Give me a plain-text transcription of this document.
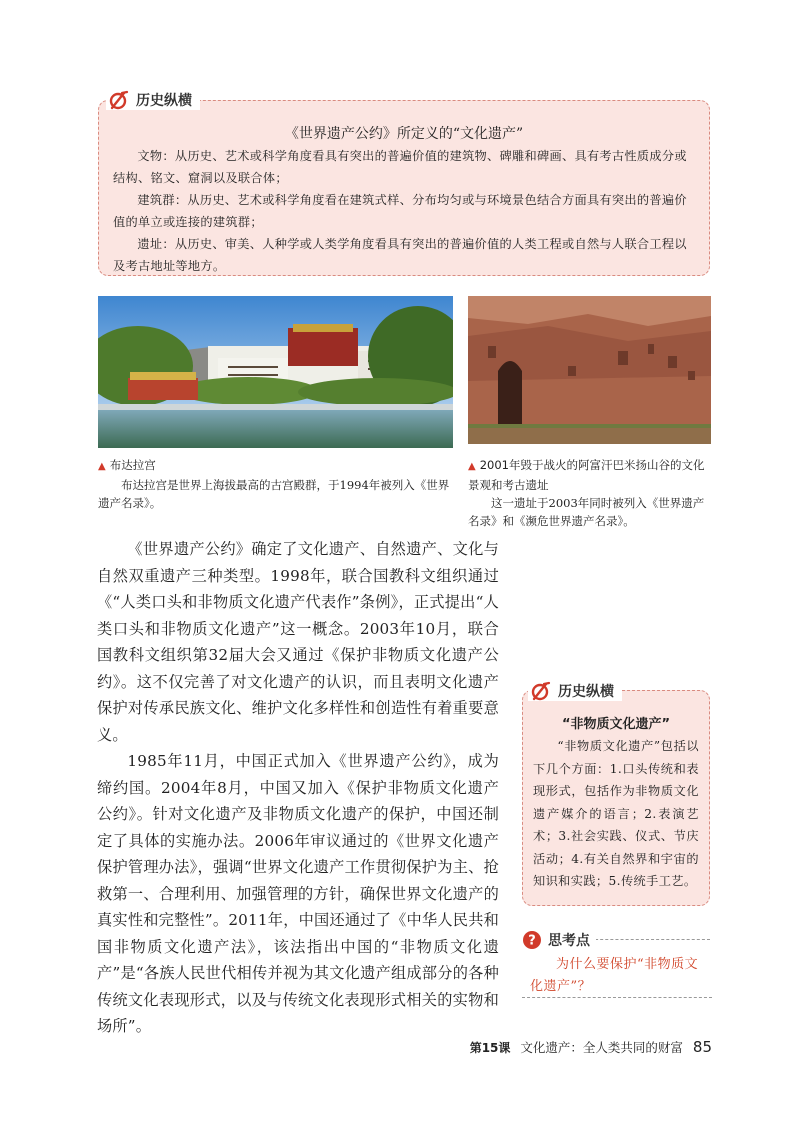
《世界遗产公约》所定义的“文化遗产”

文物：从历史、艺术或科学角度看具有突出的普遍价值的建筑物、碑雕和碑画、具有考古性质成分或结构、铭文、窟洞以及联合体；

建筑群：从历史、艺术或科学角度看在建筑式样、分布均匀或与环境景色结合方面具有突出的普遍价值的单立或连接的建筑群；

遗址：从历史、审美、人种学或人类学角度看具有突出的普遍价值的人类工程或自然与人联合工程以及考古地址等地方。

历史纵横
▲ 布达拉宫
布达拉宫是世界上海拔最高的古宫殿群，于1994年被列入《世界遗产名录》。
▲ 2001年毁于战火的阿富汗巴米扬山谷的文化景观和考古遗址
这一遗址于2003年同时被列入《世界遗产名录》和《濒危世界遗产名录》。

《世界遗产公约》确定了文化遗产、自然遗产、文化与自然双重遗产三种类型。1998年，联合国教科文组织通过《“人类口头和非物质文化遗产代表作”条例》，正式提出“人类口头和非物质文化遗产”这一概念。2003年10月，联合国教科文组织第32届大会又通过《保护非物质文化遗产公约》。这不仅完善了对文化遗产的认识，而且表明文化遗产保护对传承民族文化、维护文化多样性和创造性有着重要意义。

1985年11月，中国正式加入《世界遗产公约》，成为缔约国。2004年8月，中国又加入《保护非物质文化遗产公约》。针对文化遗产及非物质文化遗产的保护，中国还制定了具体的实施办法。2006年审议通过的《世界文化遗产保护管理办法》，强调“世界文化遗产工作贯彻保护为主、抢救第一、合理利用、加强管理的方针，确保世界文化遗产的真实性和完整性”。2011年，中国还通过了《中华人民共和国非物质文化遗产法》，该法指出中国的“非物质文化遗产”是“各族人民世代相传并视为其文化遗产组成部分的各种传统文化表现形式，以及与传统文化表现形式相关的实物和场所”。

“非物质文化遗产”
“非物质文化遗产”包括以下几个方面：1.口头传统和表现形式，包括作为非物质文化遗产媒介的语言；2.表演艺术；3.社会实践、仪式、节庆活动；4.有关自然界和宇宙的知识和实践；5.传统手工艺。
历史纵横
? 思考点
为什么要保护“非物质文化遗产”？
第15课 文化遗产：全人类共同的财富 85
